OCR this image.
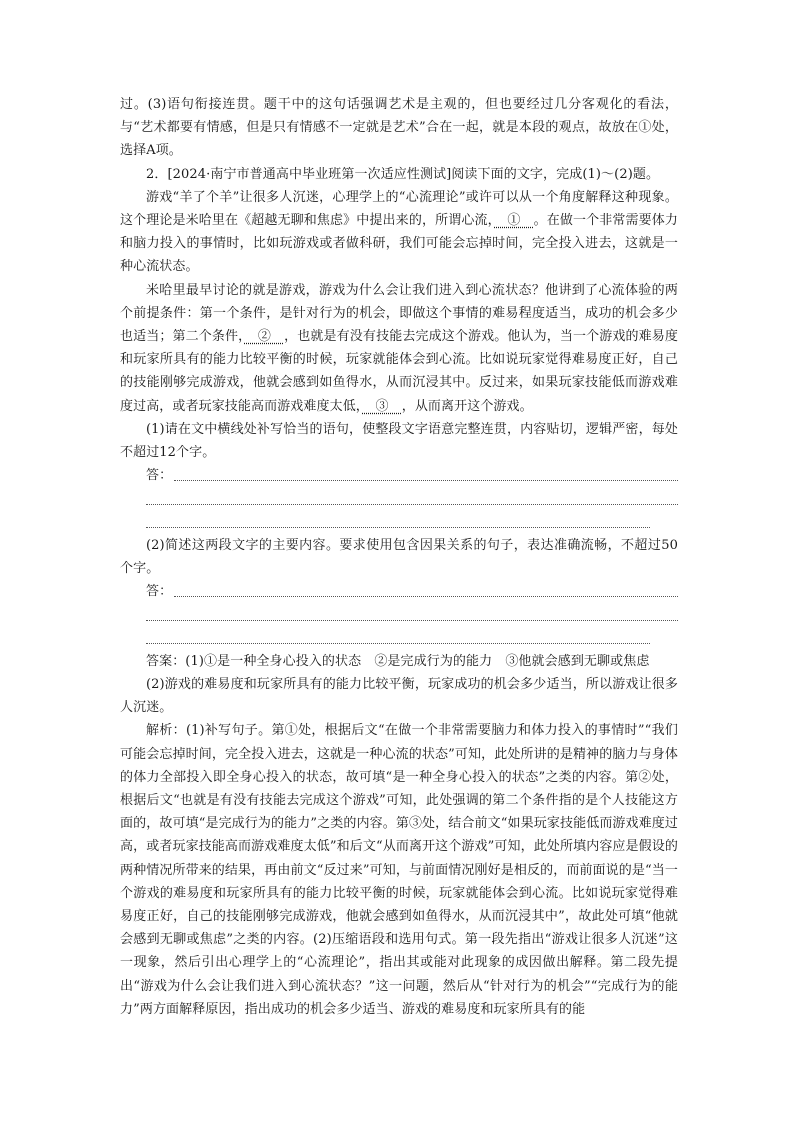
过。(3)语句衔接连贯。题干中的这句话强调艺术是主观的，但也要经过几分客观化的看法，与“艺术都要有情感，但是只有情感不一定就是艺术”合在一起，就是本段的观点，故放在①处，选择A项。

2．[2024·南宁市普通高中毕业班第一次适应性测试]阅读下面的文字，完成(1)～(2)题。

游戏“羊了个羊”让很多人沉迷，心理学上的“心流理论”或许可以从一个角度解释这种现象。这个理论是米哈里在《超越无聊和焦虑》中提出来的，所谓心流，　①　。在做一个非常需要体力和脑力投入的事情时，比如玩游戏或者做科研，我们可能会忘掉时间，完全投入进去，这就是一种心流状态。

米哈里最早讨论的就是游戏，游戏为什么会让我们进入到心流状态？他讲到了心流体验的两个前提条件：第一个条件，是针对行为的机会，即做这个事情的难易程度适当，成功的机会多少也适当；第二个条件，　②　，也就是有没有技能去完成这个游戏。他认为，当一个游戏的难易度和玩家所具有的能力比较平衡的时候，玩家就能体会到心流。比如说玩家觉得难易度正好，自己的技能刚够完成游戏，他就会感到如鱼得水，从而沉浸其中。反过来，如果玩家技能低而游戏难度过高，或者玩家技能高而游戏难度太低，　③　，从而离开这个游戏。

(1)请在文中横线处补写恰当的语句，使整段文字语意完整连贯，内容贴切，逻辑严密，每处不超过12个字。

答：

(2)简述这两段文字的主要内容。要求使用包含因果关系的句子，表达准确流畅，不超过50个字。

答：

答案：(1)①是一种全身心投入的状态　②是完成行为的能力　③他就会感到无聊或焦虑

(2)游戏的难易度和玩家所具有的能力比较平衡，玩家成功的机会多少适当，所以游戏让很多人沉迷。

解析：(1)补写句子。第①处，根据后文“在做一个非常需要脑力和体力投入的事情时”“我们可能会忘掉时间，完全投入进去，这就是一种心流的状态”可知，此处所讲的是精神的脑力与身体的体力全部投入即全身心投入的状态，故可填“是一种全身心投入的状态”之类的内容。第②处，根据后文“也就是有没有技能去完成这个游戏”可知，此处强调的第二个条件指的是个人技能这方面的，故可填“是完成行为的能力”之类的内容。第③处，结合前文“如果玩家技能低而游戏难度过高，或者玩家技能高而游戏难度太低”和后文“从而离开这个游戏”可知，此处所填内容应是假设的两种情况所带来的结果，再由前文“反过来”可知，与前面情况刚好是相反的，而前面说的是“当一个游戏的难易度和玩家所具有的能力比较平衡的时候，玩家就能体会到心流。比如说玩家觉得难易度正好，自己的技能刚够完成游戏，他就会感到如鱼得水，从而沉浸其中”，故此处可填“他就会感到无聊或焦虑”之类的内容。(2)压缩语段和选用句式。第一段先指出“游戏让很多人沉迷”这一现象，然后引出心理学上的“心流理论”，指出其或能对此现象的成因做出解释。第二段先提出“游戏为什么会让我们进入到心流状态？”这一问题，然后从“针对行为的机会”“完成行为的能力”两方面解释原因，指出成功的机会多少适当、游戏的难易度和玩家所具有的能
